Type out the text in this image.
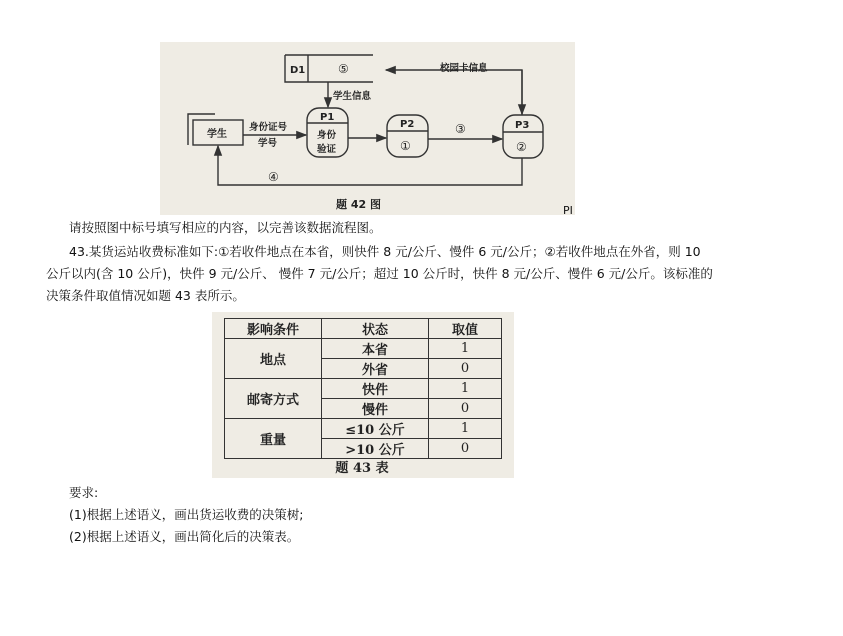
D1	⑤	校园卡信息
学生信息
学生
身份证号
学号
P1
身份
验证
P2
①
P3
②
③
④
题 42 图	PI
请按照图中标号填写相应的内容，以完善该数据流程图。
43.某货运站收费标准如下:①若收件地点在本省，则快件 8 元/公斤、慢件 6 元/公斤；②若收件地点在外省，则 10
公斤以内(含 10 公斤)，快件 9 元/公斤、 慢件 7 元/公斤；超过 10 公斤时，快件 8 元/公斤、慢件 6 元/公斤。该标准的
决策条件取值情况如题 43 表所示。
影响条件	状态	取值
地点	本省	1
	外省	0
邮寄方式	快件	1
	慢件	0
重量	≤10 公斤	1
	>10 公斤	0
题 43 表
要求:
(1)根据上述语义，画出货运收费的决策树;
(2)根据上述语义，画出简化后的决策表。
